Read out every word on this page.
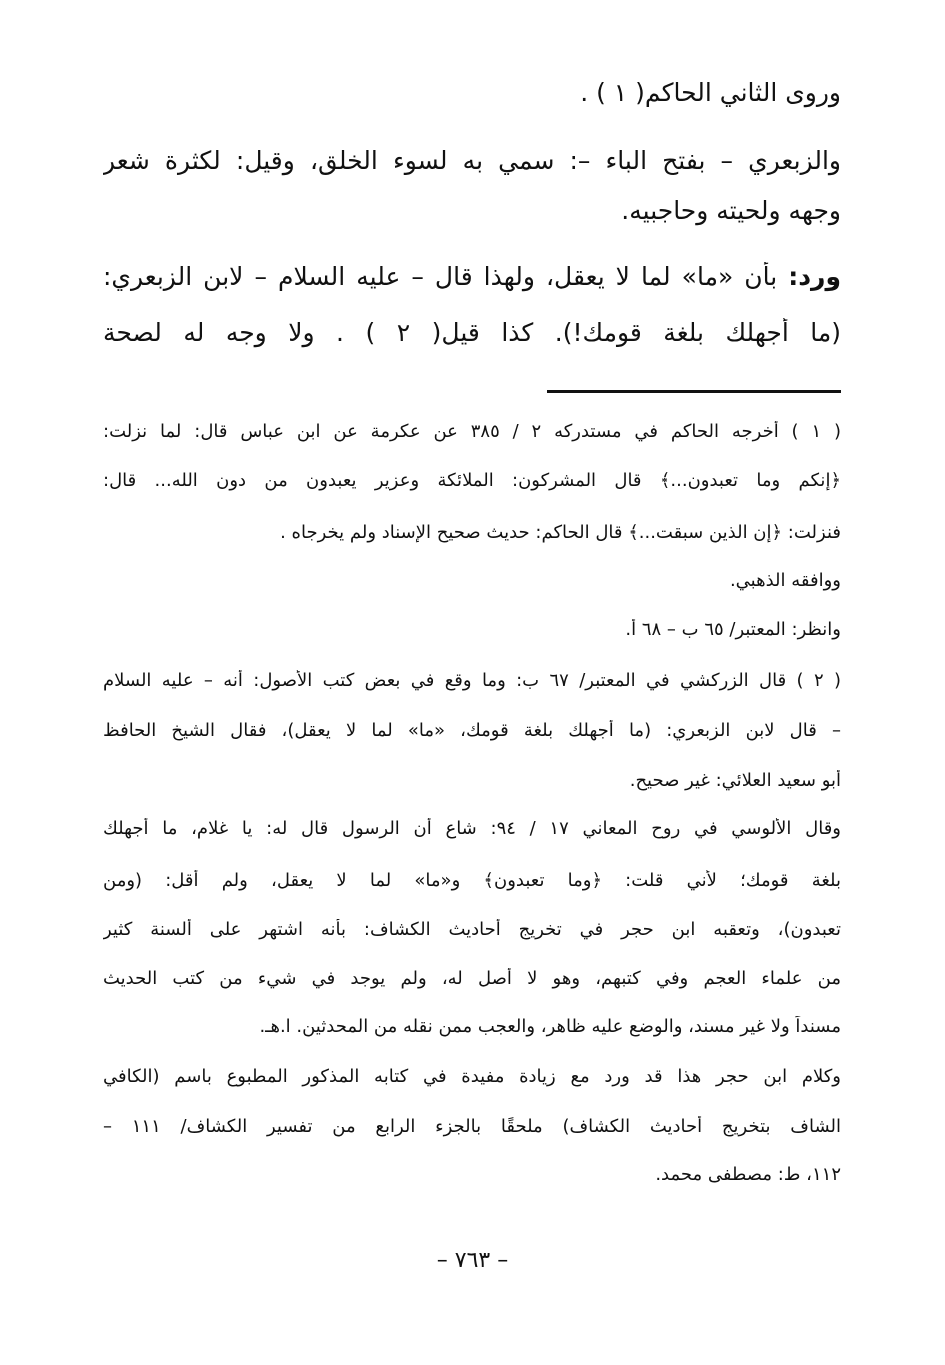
وروى الثاني الحاكم( ١ ) .
والزبعري – بفتح الباء –: سمي به لسوء الخلق، وقيل: لكثرة شعر
وجهه ولحيته وحاجبيه.
ورد: بأن «ما» لما لا يعقل، ولهذا قال – عليه السلام – لابن الزبعري:
(ما أجهلك بلغة قومك!). كذا قيل( ٢ ) . ولا وجه له لصحة
( ١ ) أخرجه الحاكم في مستدركه ٢ / ٣٨٥ عن عكرمة عن ابن عباس قال: لما نزلت:
﴿إنكم وما تعبدون...﴾ قال المشركون: الملائكة وعزير يعبدون من دون الله... قال:
فنزلت: ﴿إن الذين سبقت...﴾ قال الحاكم: حديث صحيح الإسناد ولم يخرجاه .
ووافقه الذهبي.
وانظر: المعتبر/ ٦٥ ب – ٦٨ أ.
( ٢ ) قال الزركشي في المعتبر/ ٦٧ ب: وما وقع في بعض كتب الأصول: أنه – عليه السلام
– قال لابن الزبعري: (ما أجهلك بلغة قومك، «ما» لما لا يعقل)، فقال الشيخ الحافظ
أبو سعيد العلائي: غير صحيح.
وقال الألوسي في روح المعاني ١٧ / ٩٤: شاع أن الرسول قال له: يا غلام، ما أجهلك
بلغة قومك؛ لأني قلت: ﴿وما تعبدون﴾ و«ما» لما لا يعقل، ولم أقل: (ومن
تعبدون)، وتعقبه ابن حجر في تخريج أحاديث الكشاف: بأنه اشتهر على ألسنة كثير
من علماء العجم وفي كتبهم، وهو لا أصل له، ولم يوجد في شيء من كتب الحديث
مسنداً ولا غير مسند، والوضع عليه ظاهر، والعجب ممن نقله من المحدثين. ا.هـ.
وكلام ابن حجر هذا قد ورد مع زيادة مفيدة في كتابه المذكور المطبوع باسم (الكافي
الشاف بتخريج أحاديث الكشاف) ملحقًا بالجزء الرابع من تفسير الكشاف/ ١١١ –
١١٢، ط: مصطفى محمد.
– ٧٦٣ –
